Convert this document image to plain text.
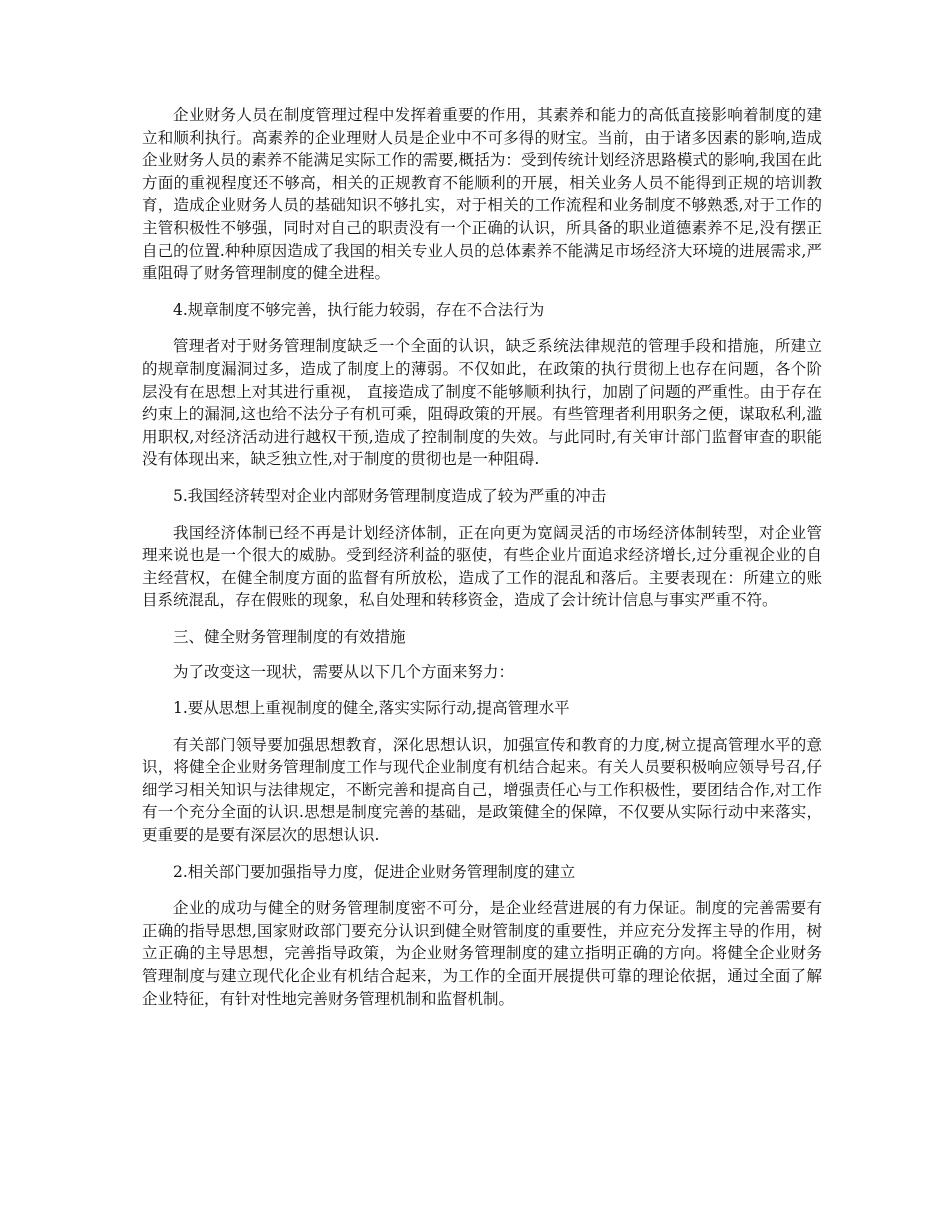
企业财务人员在制度管理过程中发挥着重要的作用，其素养和能力的高低直接影响着制度的建立和顺利执行。高素养的企业理财人员是企业中不可多得的财宝。当前，由于诸多因素的影响,造成企业财务人员的素养不能满足实际工作的需要,概括为：受到传统计划经济思路模式的影响,我国在此方面的重视程度还不够高，相关的正规教育不能顺利的开展，相关业务人员不能得到正规的培训教育，造成企业财务人员的基础知识不够扎实，对于相关的工作流程和业务制度不够熟悉,对于工作的主管积极性不够强，同时对自己的职责没有一个正确的认识，所具备的职业道德素养不足,没有摆正自己的位置.种种原因造成了我国的相关专业人员的总体素养不能满足市场经济大环境的进展需求,严重阻碍了财务管理制度的健全进程。

4.规章制度不够完善，执行能力较弱，存在不合法行为

管理者对于财务管理制度缺乏一个全面的认识，缺乏系统法律规范的管理手段和措施，所建立的规章制度漏洞过多，造成了制度上的薄弱。不仅如此，在政策的执行贯彻上也存在问题，各个阶层没有在思想上对其进行重视， 直接造成了制度不能够顺利执行，加剧了问题的严重性。由于存在约束上的漏洞,这也给不法分子有机可乘，阻碍政策的开展。有些管理者利用职务之便，谋取私利,滥用职权,对经济活动进行越权干预,造成了控制制度的失效。与此同时,有关审计部门监督审查的职能没有体现出来，缺乏独立性,对于制度的贯彻也是一种阻碍.

5.我国经济转型对企业内部财务管理制度造成了较为严重的冲击

我国经济体制已经不再是计划经济体制，正在向更为宽阔灵活的市场经济体制转型，对企业管理来说也是一个很大的威胁。受到经济利益的驱使，有些企业片面追求经济增长,过分重视企业的自主经营权，在健全制度方面的监督有所放松，造成了工作的混乱和落后。主要表现在：所建立的账目系统混乱，存在假账的现象，私自处理和转移资金，造成了会计统计信息与事实严重不符。

三、健全财务管理制度的有效措施

为了改变这一现状，需要从以下几个方面来努力：

1.要从思想上重视制度的健全,落实实际行动,提高管理水平

有关部门领导要加强思想教育，深化思想认识，加强宣传和教育的力度,树立提高管理水平的意识，将健全企业财务管理制度工作与现代企业制度有机结合起来。有关人员要积极响应领导号召,仔细学习相关知识与法律规定，不断完善和提高自己，增强责任心与工作积极性，要团结合作,对工作有一个充分全面的认识.思想是制度完善的基础，是政策健全的保障，不仅要从实际行动中来落实，更重要的是要有深层次的思想认识.

2.相关部门要加强指导力度，促进企业财务管理制度的建立

企业的成功与健全的财务管理制度密不可分，是企业经营进展的有力保证。制度的完善需要有正确的指导思想,国家财政部门要充分认识到健全财管制度的重要性，并应充分发挥主导的作用，树立正确的主导思想，完善指导政策，为企业财务管理制度的建立指明正确的方向。将健全企业财务管理制度与建立现代化企业有机结合起来，为工作的全面开展提供可靠的理论依据，通过全面了解企业特征，有针对性地完善财务管理机制和监督机制。
